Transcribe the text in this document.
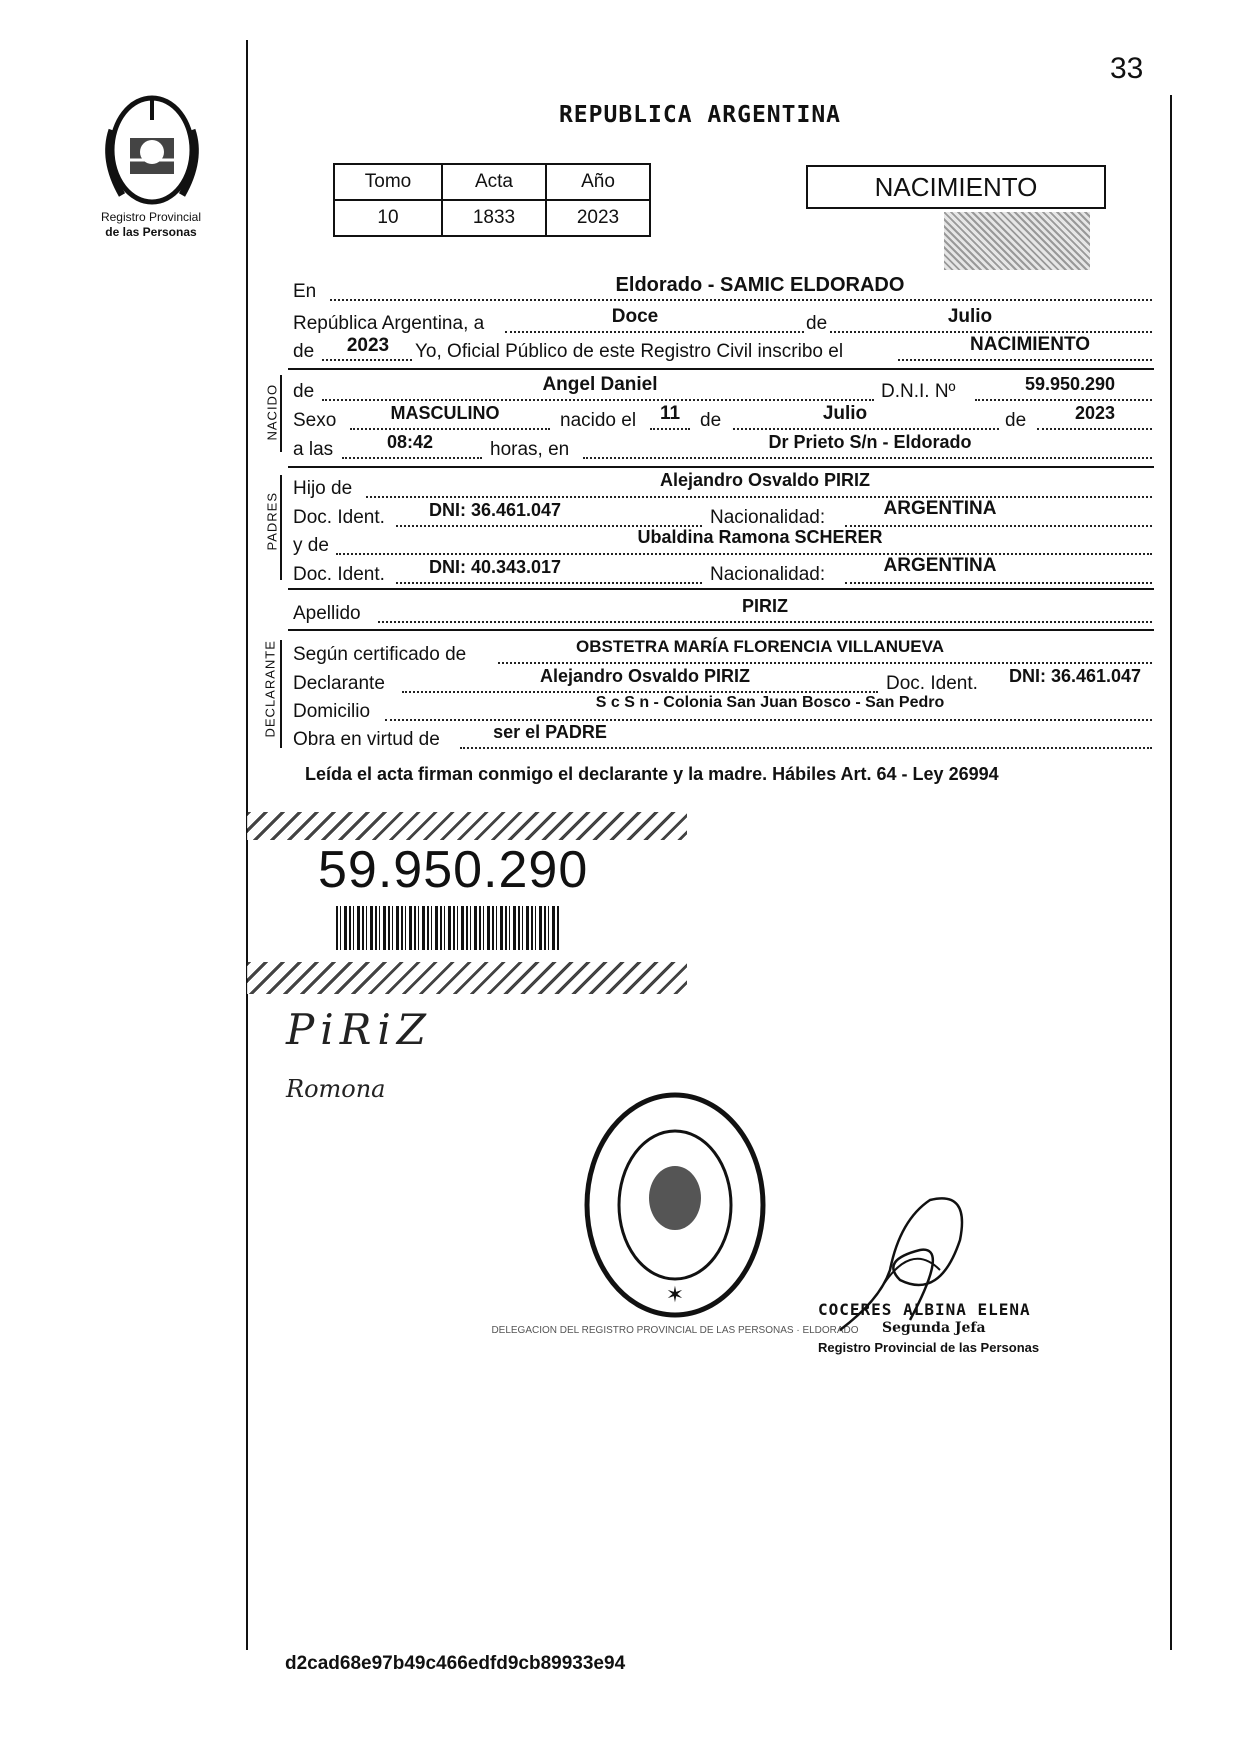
33
Registro Provincial
de las Personas
REPUBLICA ARGENTINA
Tomo	Acta	Año
10	1833	2023
NACIMIENTO
NACIDO
PADRES
DECLARANTE
En	Eldorado - SAMIC ELDORADO
República Argentina, a	Doce	de	Julio
de	2023	Yo, Oficial Público de este Registro Civil inscribo el	NACIMIENTO
de	Angel Daniel	D.N.I. Nº	59.950.290
Sexo	MASCULINO	nacido el	11	de	Julio	de	2023
a las	08:42	horas, en	Dr Prieto S/n - Eldorado
Hijo de	Alejandro Osvaldo PIRIZ
Doc. Ident.	DNI: 36.461.047	Nacionalidad:	ARGENTINA
y de	Ubaldina Ramona SCHERER
Doc. Ident.	DNI: 40.343.017	Nacionalidad:	ARGENTINA
Apellido	PIRIZ
Según certificado de	OBSTETRA MARÍA FLORENCIA VILLANUEVA
Declarante	Alejandro Osvaldo PIRIZ	Doc. Ident.	DNI: 36.461.047
Domicilio	S c S n - Colonia San Juan Bosco - San Pedro
Obra en virtud de	ser el PADRE
Leída el acta firman conmigo el declarante y la madre. Hábiles Art. 64 - Ley 26994
59.950.290
PiRiZ
Romona
✶
DELEGACION DEL REGISTRO PROVINCIAL DE LAS PERSONAS · ELDORADO
COCERES ALBINA ELENA
Segunda Jefa
Registro Provincial de las Personas
d2cad68e97b49c466edfd9cb89933e94
